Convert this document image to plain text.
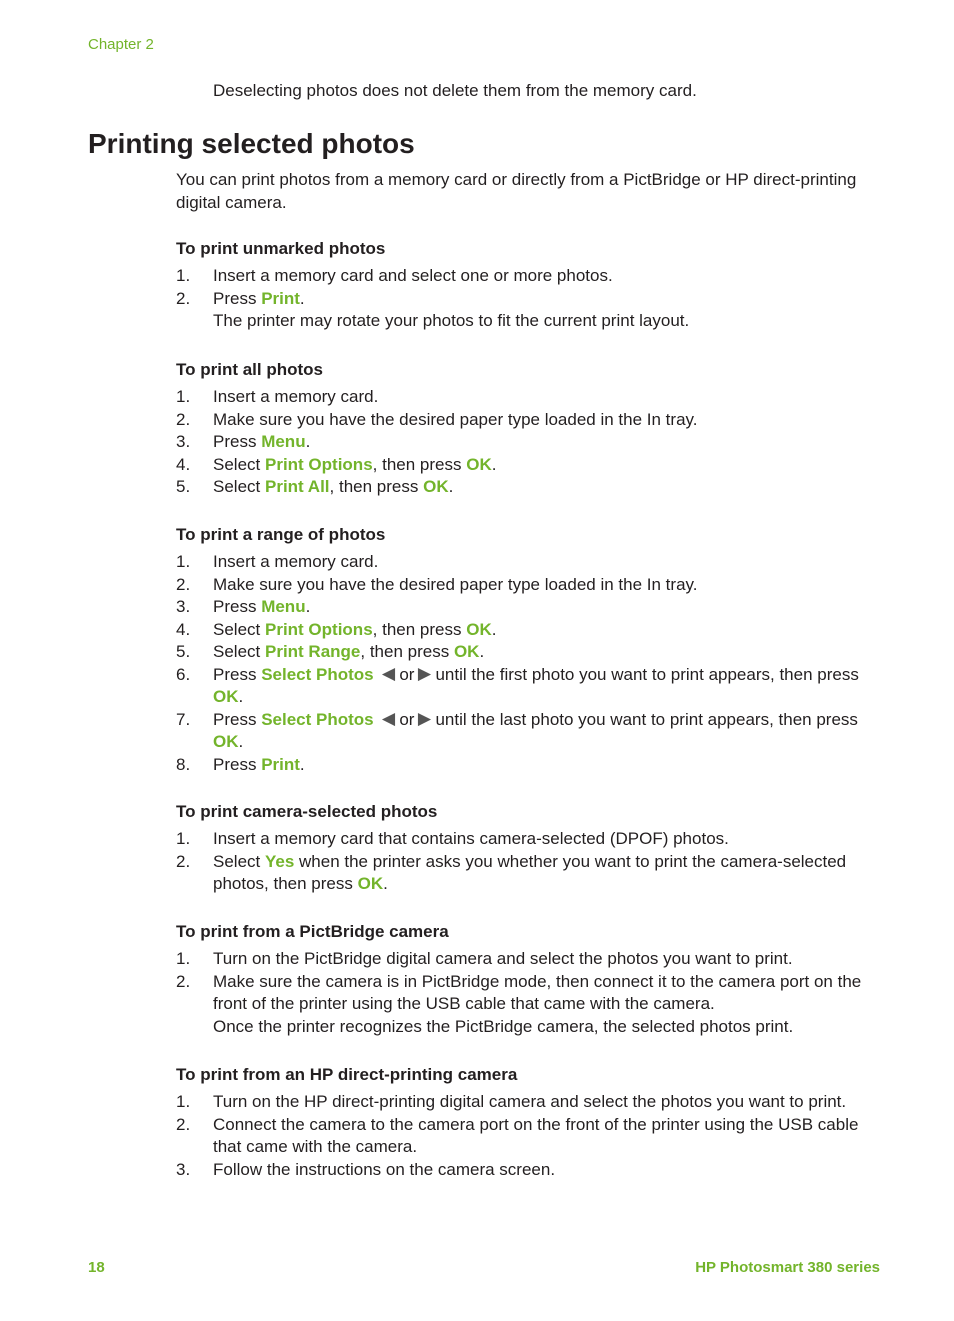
Chapter 2
Deselecting photos does not delete them from the memory card.
Printing selected photos
You can print photos from a memory card or directly from a PictBridge or HP direct-printing digital camera.
To print unmarked photos
1. Insert a memory card and select one or more photos.
2. Press Print.
The printer may rotate your photos to fit the current print layout.
To print all photos
1. Insert a memory card.
2. Make sure you have the desired paper type loaded in the In tray.
3. Press Menu.
4. Select Print Options, then press OK.
5. Select Print All, then press OK.
To print a range of photos
1. Insert a memory card.
2. Make sure you have the desired paper type loaded in the In tray.
3. Press Menu.
4. Select Print Options, then press OK.
5. Select Print Range, then press OK.
6. Press Select Photos or until the first photo you want to print appears, then press OK.
7. Press Select Photos or until the last photo you want to print appears, then press OK.
8. Press Print.
To print camera-selected photos
1. Insert a memory card that contains camera-selected (DPOF) photos.
2. Select Yes when the printer asks you whether you want to print the camera-selected photos, then press OK.
To print from a PictBridge camera
1. Turn on the PictBridge digital camera and select the photos you want to print.
2. Make sure the camera is in PictBridge mode, then connect it to the camera port on the front of the printer using the USB cable that came with the camera.
Once the printer recognizes the PictBridge camera, the selected photos print.
To print from an HP direct-printing camera
1. Turn on the HP direct-printing digital camera and select the photos you want to print.
2. Connect the camera to the camera port on the front of the printer using the USB cable that came with the camera.
3. Follow the instructions on the camera screen.
18	HP Photosmart 380 series
